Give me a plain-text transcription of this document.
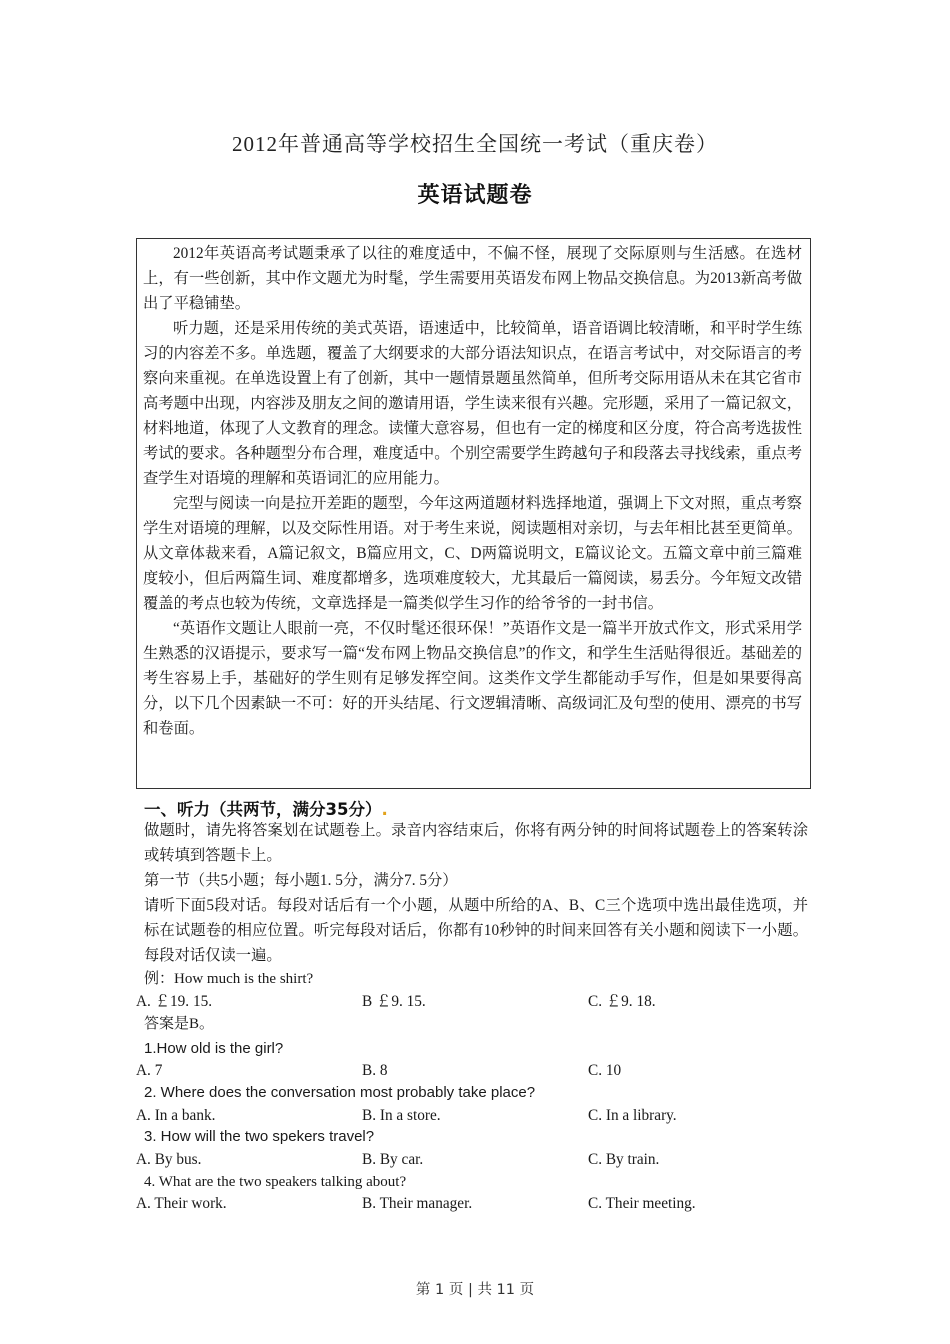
2012年普通高等学校招生全国统一考试（重庆卷）
英语试题卷

2012年英语高考试题秉承了以往的难度适中，不偏不怪，展现了交际原则与生活感。在选材上，有一些创新，其中作文题尤为时髦，学生需要用英语发布网上物品交换信息。为2013新高考做出了平稳铺垫。

听力题，还是采用传统的美式英语，语速适中，比较简单，语音语调比较清晰，和平时学生练习的内容差不多。单选题，覆盖了大纲要求的大部分语法知识点，在语言考试中，对交际语言的考察向来重视。在单选设置上有了创新，其中一题情景题虽然简单，但所考交际用语从未在其它省市高考题中出现，内容涉及朋友之间的邀请用语，学生读来很有兴趣。完形题，采用了一篇记叙文，材料地道，体现了人文教育的理念。读懂大意容易，但也有一定的梯度和区分度，符合高考选拔性考试的要求。各种题型分布合理，难度适中。个别空需要学生跨越句子和段落去寻找线索，重点考查学生对语境的理解和英语词汇的应用能力。

完型与阅读一向是拉开差距的题型，今年这两道题材料选择地道，强调上下文对照，重点考察学生对语境的理解，以及交际性用语。对于考生来说，阅读题相对亲切，与去年相比甚至更简单。从文章体裁来看，A篇记叙文，B篇应用文，C、D两篇说明文，E篇议论文。五篇文章中前三篇难度较小，但后两篇生词、难度都增多，选项难度较大，尤其最后一篇阅读，易丢分。今年短文改错覆盖的考点也较为传统，文章选择是一篇类似学生习作的给爷爷的一封书信。

“英语作文题让人眼前一亮，不仅时髦还很环保！”英语作文是一篇半开放式作文，形式采用学生熟悉的汉语提示，要求写一篇“发布网上物品交换信息”的作文，和学生生活贴得很近。基础差的考生容易上手，基础好的学生则有足够发挥空间。这类作文学生都能动手写作，但是如果要得高分，以下几个因素缺一不可：好的开头结尾、行文逻辑清晰、高级词汇及句型的使用、漂亮的书写和卷面。

一、听力（共两节，满分35分）.
做题时，请先将答案划在试题卷上。录音内容结束后，你将有两分钟的时间将试题卷上的答案转涂或转填到答题卡上。
第一节（共5小题；每小题1. 5分，满分7. 5分）
请听下面5段对话。每段对话后有一个小题，从题中所给的A、B、C三个选项中选出最佳选项，并标在试题卷的相应位置。听完每段对话后，你都有10秒钟的时间来回答有关小题和阅读下一小题。每段对话仅读一遍。
例：How much is the shirt?
A. ￡19. 15.	B ￡9. 15.	C. ￡9. 18.
答案是B。
1.How old is the girl?
A. 7	B. 8	C. 10
2. Where does the conversation most probably take place?
A. In a bank.	B. In a store.	C. In a library.
3. How will the two spekers travel?
A. By bus.	B. By car.	C. By train.
4. What are the two speakers talking about?
A. Their work.	B. Their manager.	C. Their meeting.
第 1 页 | 共 11 页
